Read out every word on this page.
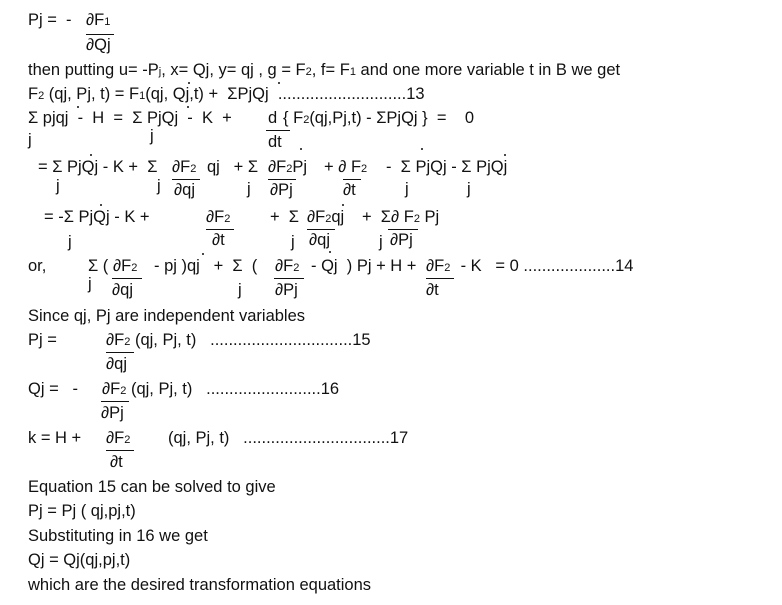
Pj =  - ∂F1
∂Qj
then putting u= -Pj, x= Qj, y= qj , g = F2, f= F1 and one more variable t in B we get
F2 (qj, Pj, t) = F1(qj, Qj,t) +  ΣPjQj  ............................13
Σ pjqj  -  H  =  Σ PjQj  -  K  + d { F2(qj,Pj,t) - ΣPjQj }  =    0
dt
j	j
= Σ PjQj - K +  Σ ∂F2
∂qj
qj   + Σ ∂F2Pj
∂Pj
+ ∂ F2
∂t
-  Σ PjQj - Σ PjQj
j	j	j	j	j
= -Σ PjQj - K +	∂F2
∂t
+  Σ ∂F2qj
∂qj
+  Σ∂ F2 Pj
∂Pj
j	j	j
or,	Σ ( ∂F2
∂qj
- pj )qj   +  Σ  ( ∂F2
∂Pj
- Qj  ) Pj + H + ∂F2
∂t
- K   = 0 ....................14
j	j
Since qj, Pj are independent variables
Pj =	∂F2 (qj, Pj, t)   ...............................15
∂qj
Qj =   - ∂F2 (qj, Pj, t)   .........................16
∂Pj
k = H + ∂F2 (qj, Pj, t)   ................................17
∂t
Equation 15 can be solved to give
Pj = Pj ( qj,pj,t)
Substituting in 16 we get
Qj = Qj(qj,pj,t)
which are the desired transformation equations
